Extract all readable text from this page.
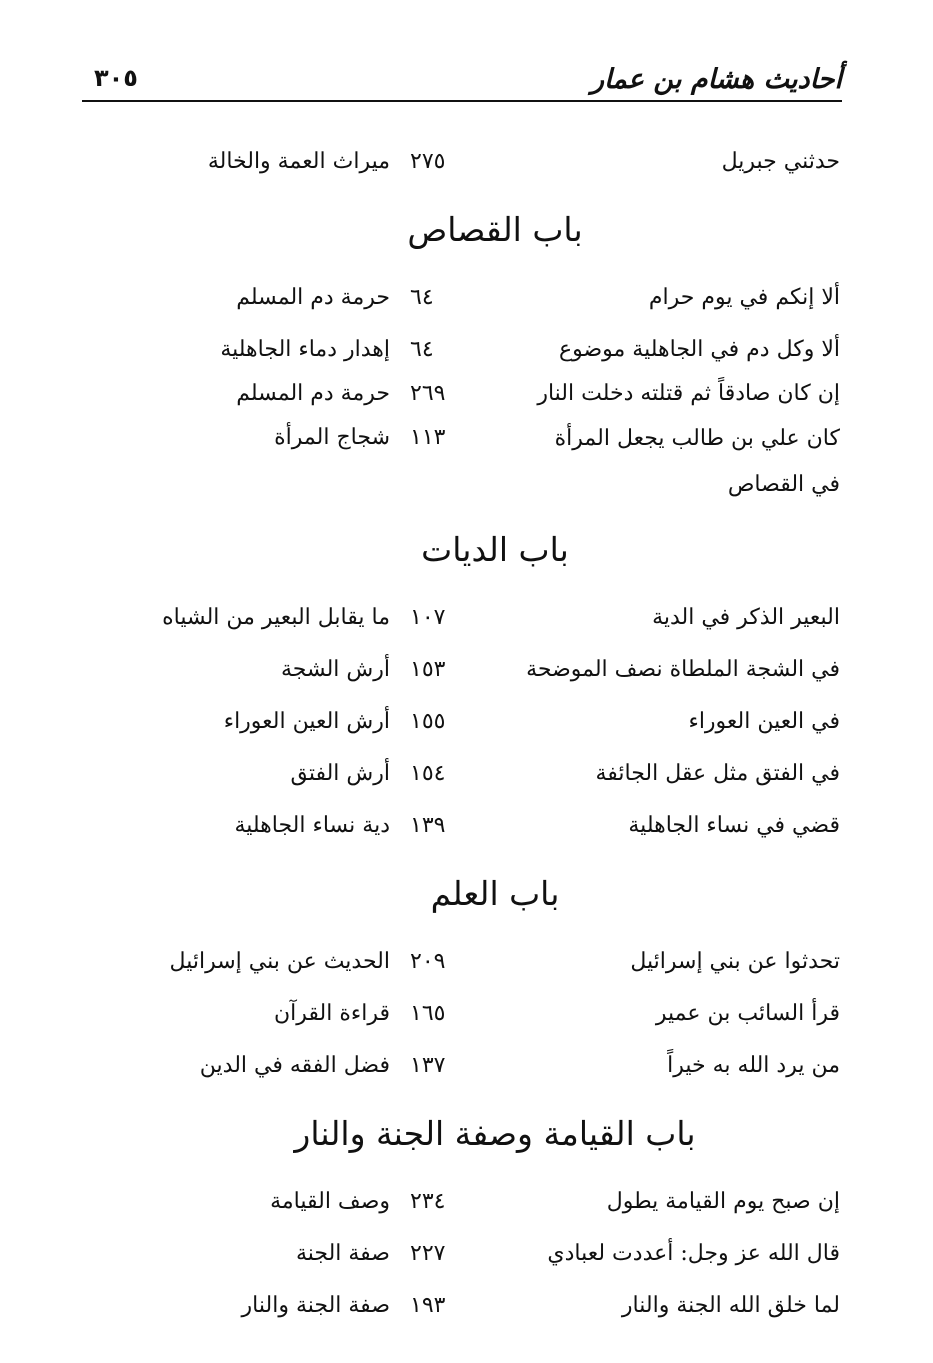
أحاديث هشام بن عمار
٣٠٥
حدثني جبريل
٢٧٥
ميراث العمة والخالة
باب القصاص
ألا إنكم في يوم حرام
٦٤
حرمة دم المسلم
ألا وكل دم في الجاهلية موضوع
٦٤
إهدار دماء الجاهلية
إن كان صادقاً ثم قتلته دخلت النار
٢٦٩
حرمة دم المسلم
كان علي بن طالب يجعل المرأة في القصاص
١١٣
شجاج المرأة
باب الديات
البعير الذكر في الدية
١٠٧
ما يقابل البعير من الشياه
في الشجة الملطاة نصف الموضحة
١٥٣
أرش الشجة
في العين العوراء
١٥٥
أرش العين العوراء
في الفتق مثل عقل الجائفة
١٥٤
أرش الفتق
قضي في نساء الجاهلية
١٣٩
دية نساء الجاهلية
باب العلم
تحدثوا عن بني إسرائيل
٢٠٩
الحديث عن بني إسرائيل
قرأ السائب بن عمير
١٦٥
قراءة القرآن
من يرد الله به خيراً
١٣٧
فضل الفقه في الدين
باب القيامة وصفة الجنة والنار
إن صبح يوم القيامة يطول
٢٣٤
وصف القيامة
قال الله عز وجل: أعددت لعبادي
٢٢٧
صفة الجنة
لما خلق الله الجنة والنار
١٩٣
صفة الجنة والنار
